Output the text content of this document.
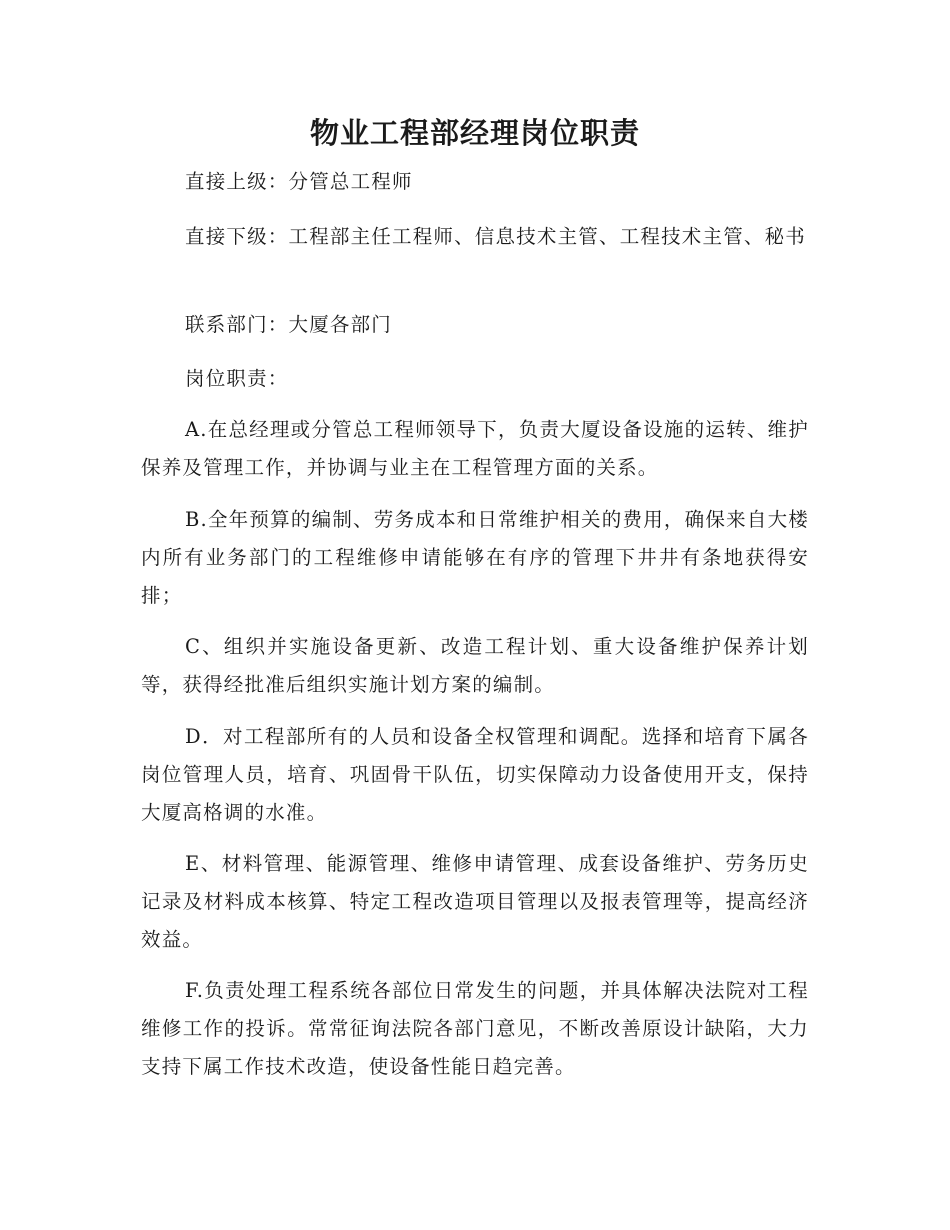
物业工程部经理岗位职责
直接上级：分管总工程师
直接下级：工程部主任工程师、信息技术主管、工程技术主管、秘书
联系部门：大厦各部门
岗位职责：
A.在总经理或分管总工程师领导下，负责大厦设备设施的运转、维护保养及管理工作，并协调与业主在工程管理方面的关系。
B.全年预算的编制、劳务成本和日常维护相关的费用，确保来自大楼内所有业务部门的工程维修申请能够在有序的管理下井井有条地获得安排；
C、组织并实施设备更新、改造工程计划、重大设备维护保养计划等，获得经批准后组织实施计划方案的编制。
D．对工程部所有的人员和设备全权管理和调配。选择和培育下属各岗位管理人员，培育、巩固骨干队伍，切实保障动力设备使用开支，保持大厦高格调的水准。
E、材料管理、能源管理、维修申请管理、成套设备维护、劳务历史记录及材料成本核算、特定工程改造项目管理以及报表管理等，提高经济效益。
F.负责处理工程系统各部位日常发生的问题，并具体解决法院对工程维修工作的投诉。常常征询法院各部门意见，不断改善原设计缺陷，大力支持下属工作技术改造，使设备性能日趋完善。
